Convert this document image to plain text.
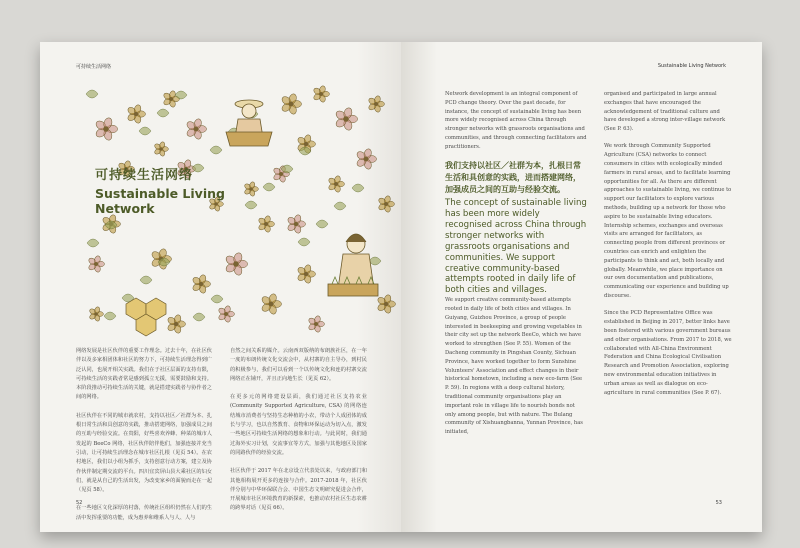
可持续生活网络
可持续生活网络
Sustainable Living
Network

网络发展是社区伙伴的重要工作理念。过去十年，在社区伙伴以及多家相团体和社区的努力下，可持续生活理念得到广泛认同，也展开相关实践。我们在于社区层面的支持有限，可持续生活的实践者常是感到孤立无援，需要鼓励和支持。本阶段推动可持续生活的关键，就是搭建实践者与协作者之间的网络。

社区伙伴在不同的城市就农村，支持以社区／社群为本、扎根日常生活和具创意的实践，推动搭建网络，加强成员之间的互助与经验交流。在贵阳，好些喜欢养蜂、种菜的城市人发起的 BeeCo 网络，社区伙伴陪伴他们，加强连接并充当引动，让可持续生活理念在城市社区扎根（见页 54）。在农村地区，我们以小组为抓手，支持创意行动方案，建立及协作伙伴制定期交流的平台。四川宜宾屏山县大乘社区的妇女们，就是从自己的生活出发，为改变家乡的面貌而走在一起（见页 58）。

在一些地区文化深厚的村落，传统社区组织仍然在人们的生活中发挥重要的功能，成为惠养和维系人与人、人与

自然之间关系的媒介。云南西双版纳的布朗族社区，在一年一度的布朗传统文化交流会中，从村寨的自主导办，到村民的积极参与，我们可以看到一个以传统文化和连的村寨交流网络正在铺开，并且正向地生长（见页 62）。

在更多元的网络建设层面，我们通过社区支持农业 (Community Supported Agriculture, CSA) 的网络连结城市消费者与坚持生态种植的小农，带动个人成团体的成长与学习，也以自然教育、食物和环保运动为切入点，激发一些地区可持续生活网络的想象和行动。与此同时，我们通过海外实习计划，交流事宜等方式，加强与其他地区及国家的同路伙伴的经验交流。

社区伙伴于 2017 年在北京设立代表处以来，与政府部门和其他相构展开更多的连接与合作。2017-2018 年，社区伙伴分别与中华环保联合会、中国生态文明研究促进会合作，开展城市社区环境教育的新探索，也推动农村社区生态农耕的跨界对话（见页 66）。

52
Sustainable Living Network

Network development is an integral component of PCD change theory. Over the past decade, for instance, the concept of sustainable living has been more widely recognised across China through stronger networks with grassroots organisations and communities, and through connecting facilitators and practitioners.

我们支持以社区／社群为本，扎根日常生活和具创意的实践，进而搭建网络，加强成员之间的互助与经验交流。
The concept of sustainable living has been more widely recognised across China through stronger networks with grassroots organisations and communities. We support creative community-based attempts rooted in daily life of both cities and villages.

We support creative community-based attempts rooted in daily life of both cities and villages. In Guiyang, Guizhou Province, a group of people interested in beekeeping and growing vegetables in their city set up the network BeeCo, which we have worked to strengthen (See P. 55). Women of the Dacheng community in Pingshan County, Sichuan Province, have worked together to form Sunshine Volunteers' Association and effect changes in their historical hometown, including a new eco-farm (See P. 59). In regions with a deep cultural history, traditional community organisations play an important role in village life to nourish bonds not only among people, but with nature. The Bulang community of Xishuangbanna, Yunnan Province, has initiated,

organised and participated in large annual exchanges that have encouraged the acknowledgement of traditional culture and have developed a strong inter-village network (See P. 63).

We work through Community Supported Agriculture (CSA) networks to connect consumers in cities with ecologically minded farmers in rural areas, and to facilitate learning opportunities for all. As there are different approaches to sustainable living, we continue to support our facilitators to explore various methods, building up a network for those who aspire to be sustainable living educators. Internship schemes, exchanges and overseas visits are arranged for facilitators, as connecting people from different provinces or countries can enrich and enlighten the participants to think and act, both locally and globally. Meanwhile, we place importance on our own documentation and publications, communicating our experience and building up discourse.

Since the PCD Representative Office was established in Beijing in 2017, better links have been fostered with various government bureaus and other organisations. From 2017 to 2018, we collaborated with All-China Environment Federation and China Ecological Civilisation Research and Promotion Association, exploring new environmental education initiatives in urban areas as well as dialogue on eco-agriculture in rural communities (See P. 67).

53
